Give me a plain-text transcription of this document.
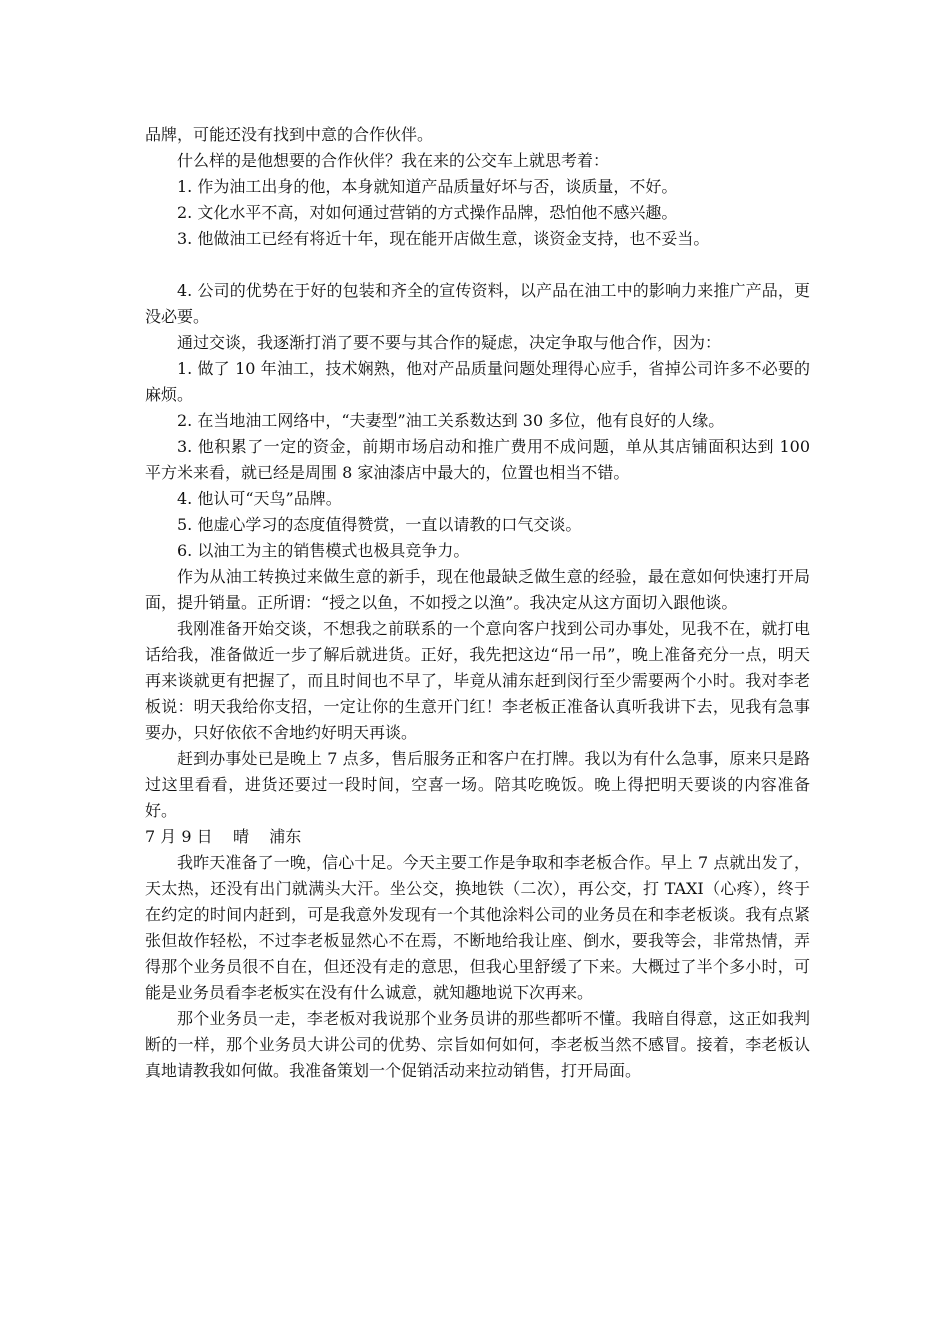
品牌，可能还没有找到中意的合作伙伴。

什么样的是他想要的合作伙伴？我在来的公交车上就思考着：

1. 作为油工出身的他，本身就知道产品质量好坏与否，谈质量，不好。

2. 文化水平不高，对如何通过营销的方式操作品牌，恐怕他不感兴趣。

3. 他做油工已经有将近十年，现在能开店做生意，谈资金支持，也不妥当。

4. 公司的优势在于好的包装和齐全的宣传资料，以产品在油工中的影响力来推广产品，更没必要。

通过交谈，我逐渐打消了要不要与其合作的疑虑，决定争取与他合作，因为：

1. 做了 10 年油工，技术娴熟，他对产品质量问题处理得心应手，省掉公司许多不必要的麻烦。

2. 在当地油工网络中，“夫妻型”油工关系数达到 30 多位，他有良好的人缘。

3. 他积累了一定的资金，前期市场启动和推广费用不成问题，单从其店铺面积达到 100 平方米来看，就已经是周围 8 家油漆店中最大的，位置也相当不错。

4. 他认可“天鸟”品牌。

5. 他虚心学习的态度值得赞赏，一直以请教的口气交谈。

6. 以油工为主的销售模式也极具竞争力。

作为从油工转换过来做生意的新手，现在他最缺乏做生意的经验，最在意如何快速打开局面，提升销量。正所谓：“授之以鱼，不如授之以渔”。我决定从这方面切入跟他谈。

我刚准备开始交谈，不想我之前联系的一个意向客户找到公司办事处，见我不在，就打电话给我，准备做近一步了解后就进货。正好，我先把这边“吊一吊”，晚上准备充分一点，明天再来谈就更有把握了，而且时间也不早了，毕竟从浦东赶到闵行至少需要两个小时。我对李老板说：明天我给你支招，一定让你的生意开门红！李老板正准备认真听我讲下去，见我有急事要办，只好依依不舍地约好明天再谈。

赶到办事处已是晚上 7 点多，售后服务正和客户在打牌。我以为有什么急事，原来只是路过这里看看，进货还要过一段时间，空喜一场。陪其吃晚饭。晚上得把明天要谈的内容准备好。

7 月 9 日    晴    浦东

我昨天准备了一晚，信心十足。今天主要工作是争取和李老板合作。早上 7 点就出发了，天太热，还没有出门就满头大汗。坐公交，换地铁（二次），再公交，打 TAXI（心疼），终于在约定的时间内赶到，可是我意外发现有一个其他涂料公司的业务员在和李老板谈。我有点紧张但故作轻松，不过李老板显然心不在焉，不断地给我让座、倒水，要我等会，非常热情，弄得那个业务员很不自在，但还没有走的意思，但我心里舒缓了下来。大概过了半个多小时，可能是业务员看李老板实在没有什么诚意，就知趣地说下次再来。

那个业务员一走，李老板对我说那个业务员讲的那些都听不懂。我暗自得意，这正如我判断的一样，那个业务员大讲公司的优势、宗旨如何如何，李老板当然不感冒。接着，李老板认真地请教我如何做。我准备策划一个促销活动来拉动销售，打开局面。
